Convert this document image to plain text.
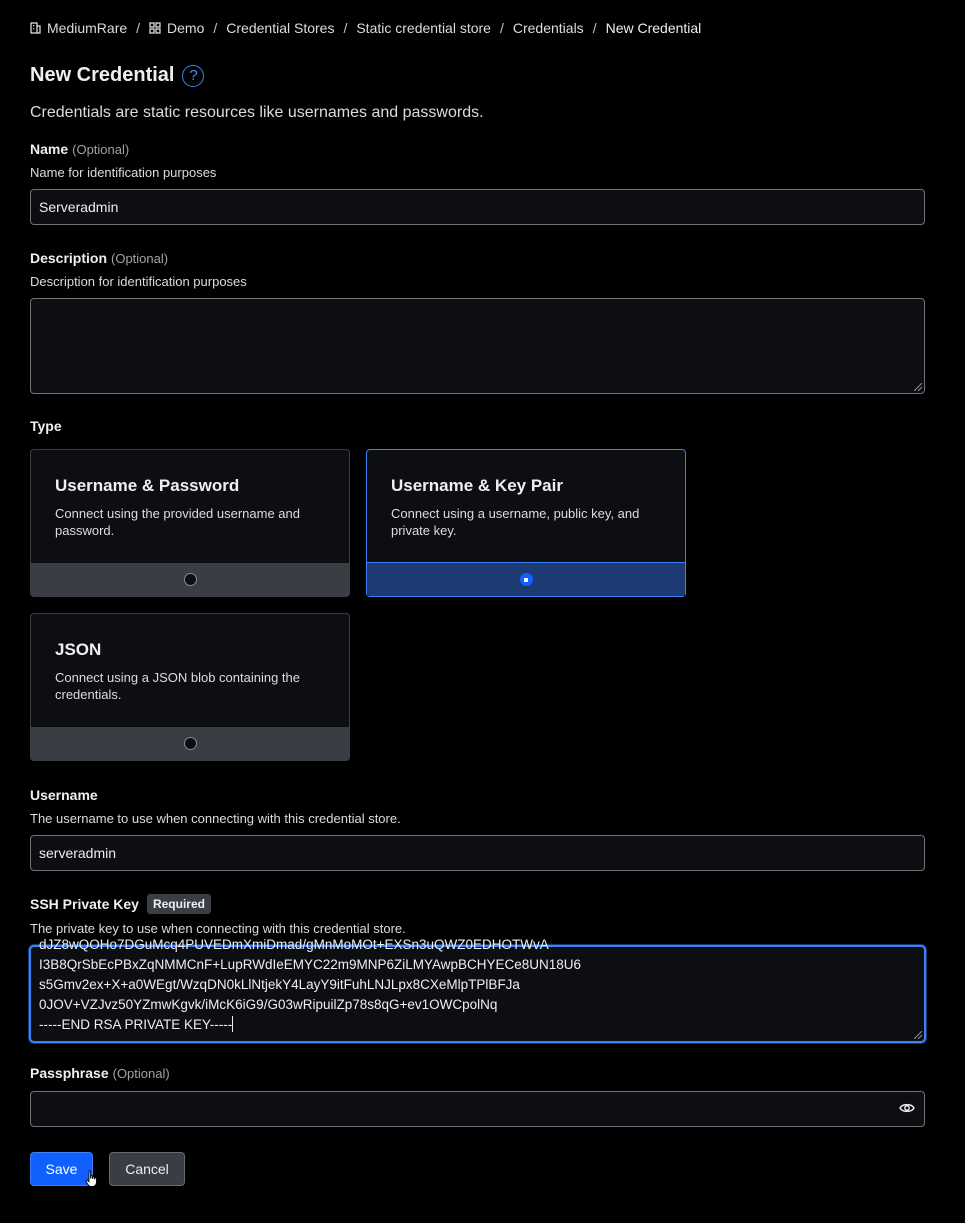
MediumRare / Demo / Credential Stores / Static credential store / Credentials / New Credential
New Credential ?
Credentials are static resources like usernames and passwords.
Name (Optional)
Name for identification purposes
Serveradmin
Description (Optional)
Description for identification purposes
Type
Username & Password
Connect using the provided username and password.
Username & Key Pair
Connect using a username, public key, and private key.
JSON
Connect using a JSON blob containing the credentials.
Username
The username to use when connecting with this credential store.
serveradmin
SSH Private Key	Required
The private key to use when connecting with this credential store.
dJZ8wQOHo7DGuMcq4PUVEDmXmiDmad/gMnMoMOt+EXSn3uQWZ0EDHOTWvA
I3B8QrSbEcPBxZqNMMCnF+LupRWdIeEMYC22m9MNP6ZiLMYAwpBCHYECe8UN18U6
s5Gmv2ex+X+a0WEgt/WzqDN0kLlNtjekY4LayY9itFuhLNJLpx8CXeMlpTPlBFJa
0JOV+VZJvz50YZmwKgvk/iMcK6iG9/G03wRipuilZp78s8qG+ev1OWCpolNq
-----END RSA PRIVATE KEY-----
Passphrase (Optional)
Save	Cancel
